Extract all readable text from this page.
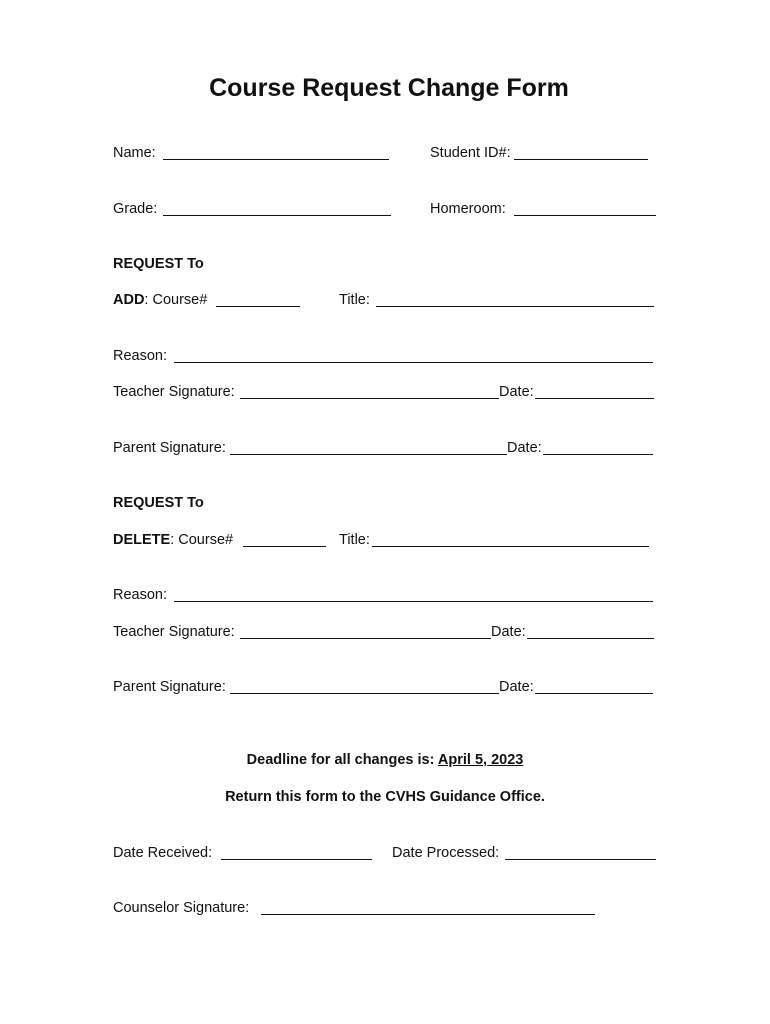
Course Request Change Form
Name:	Student ID#:
Grade:	Homeroom:
REQUEST To
ADD: Course#	Title:
Reason:
Teacher Signature:	Date:
Parent Signature:	Date:
REQUEST To
DELETE: Course#	Title:
Reason:
Teacher Signature:	Date:
Parent Signature:	Date:
Deadline for all changes is: April 5, 2023
Return this form to the CVHS Guidance Office.
Date Received:	Date Processed:
Counselor Signature:
